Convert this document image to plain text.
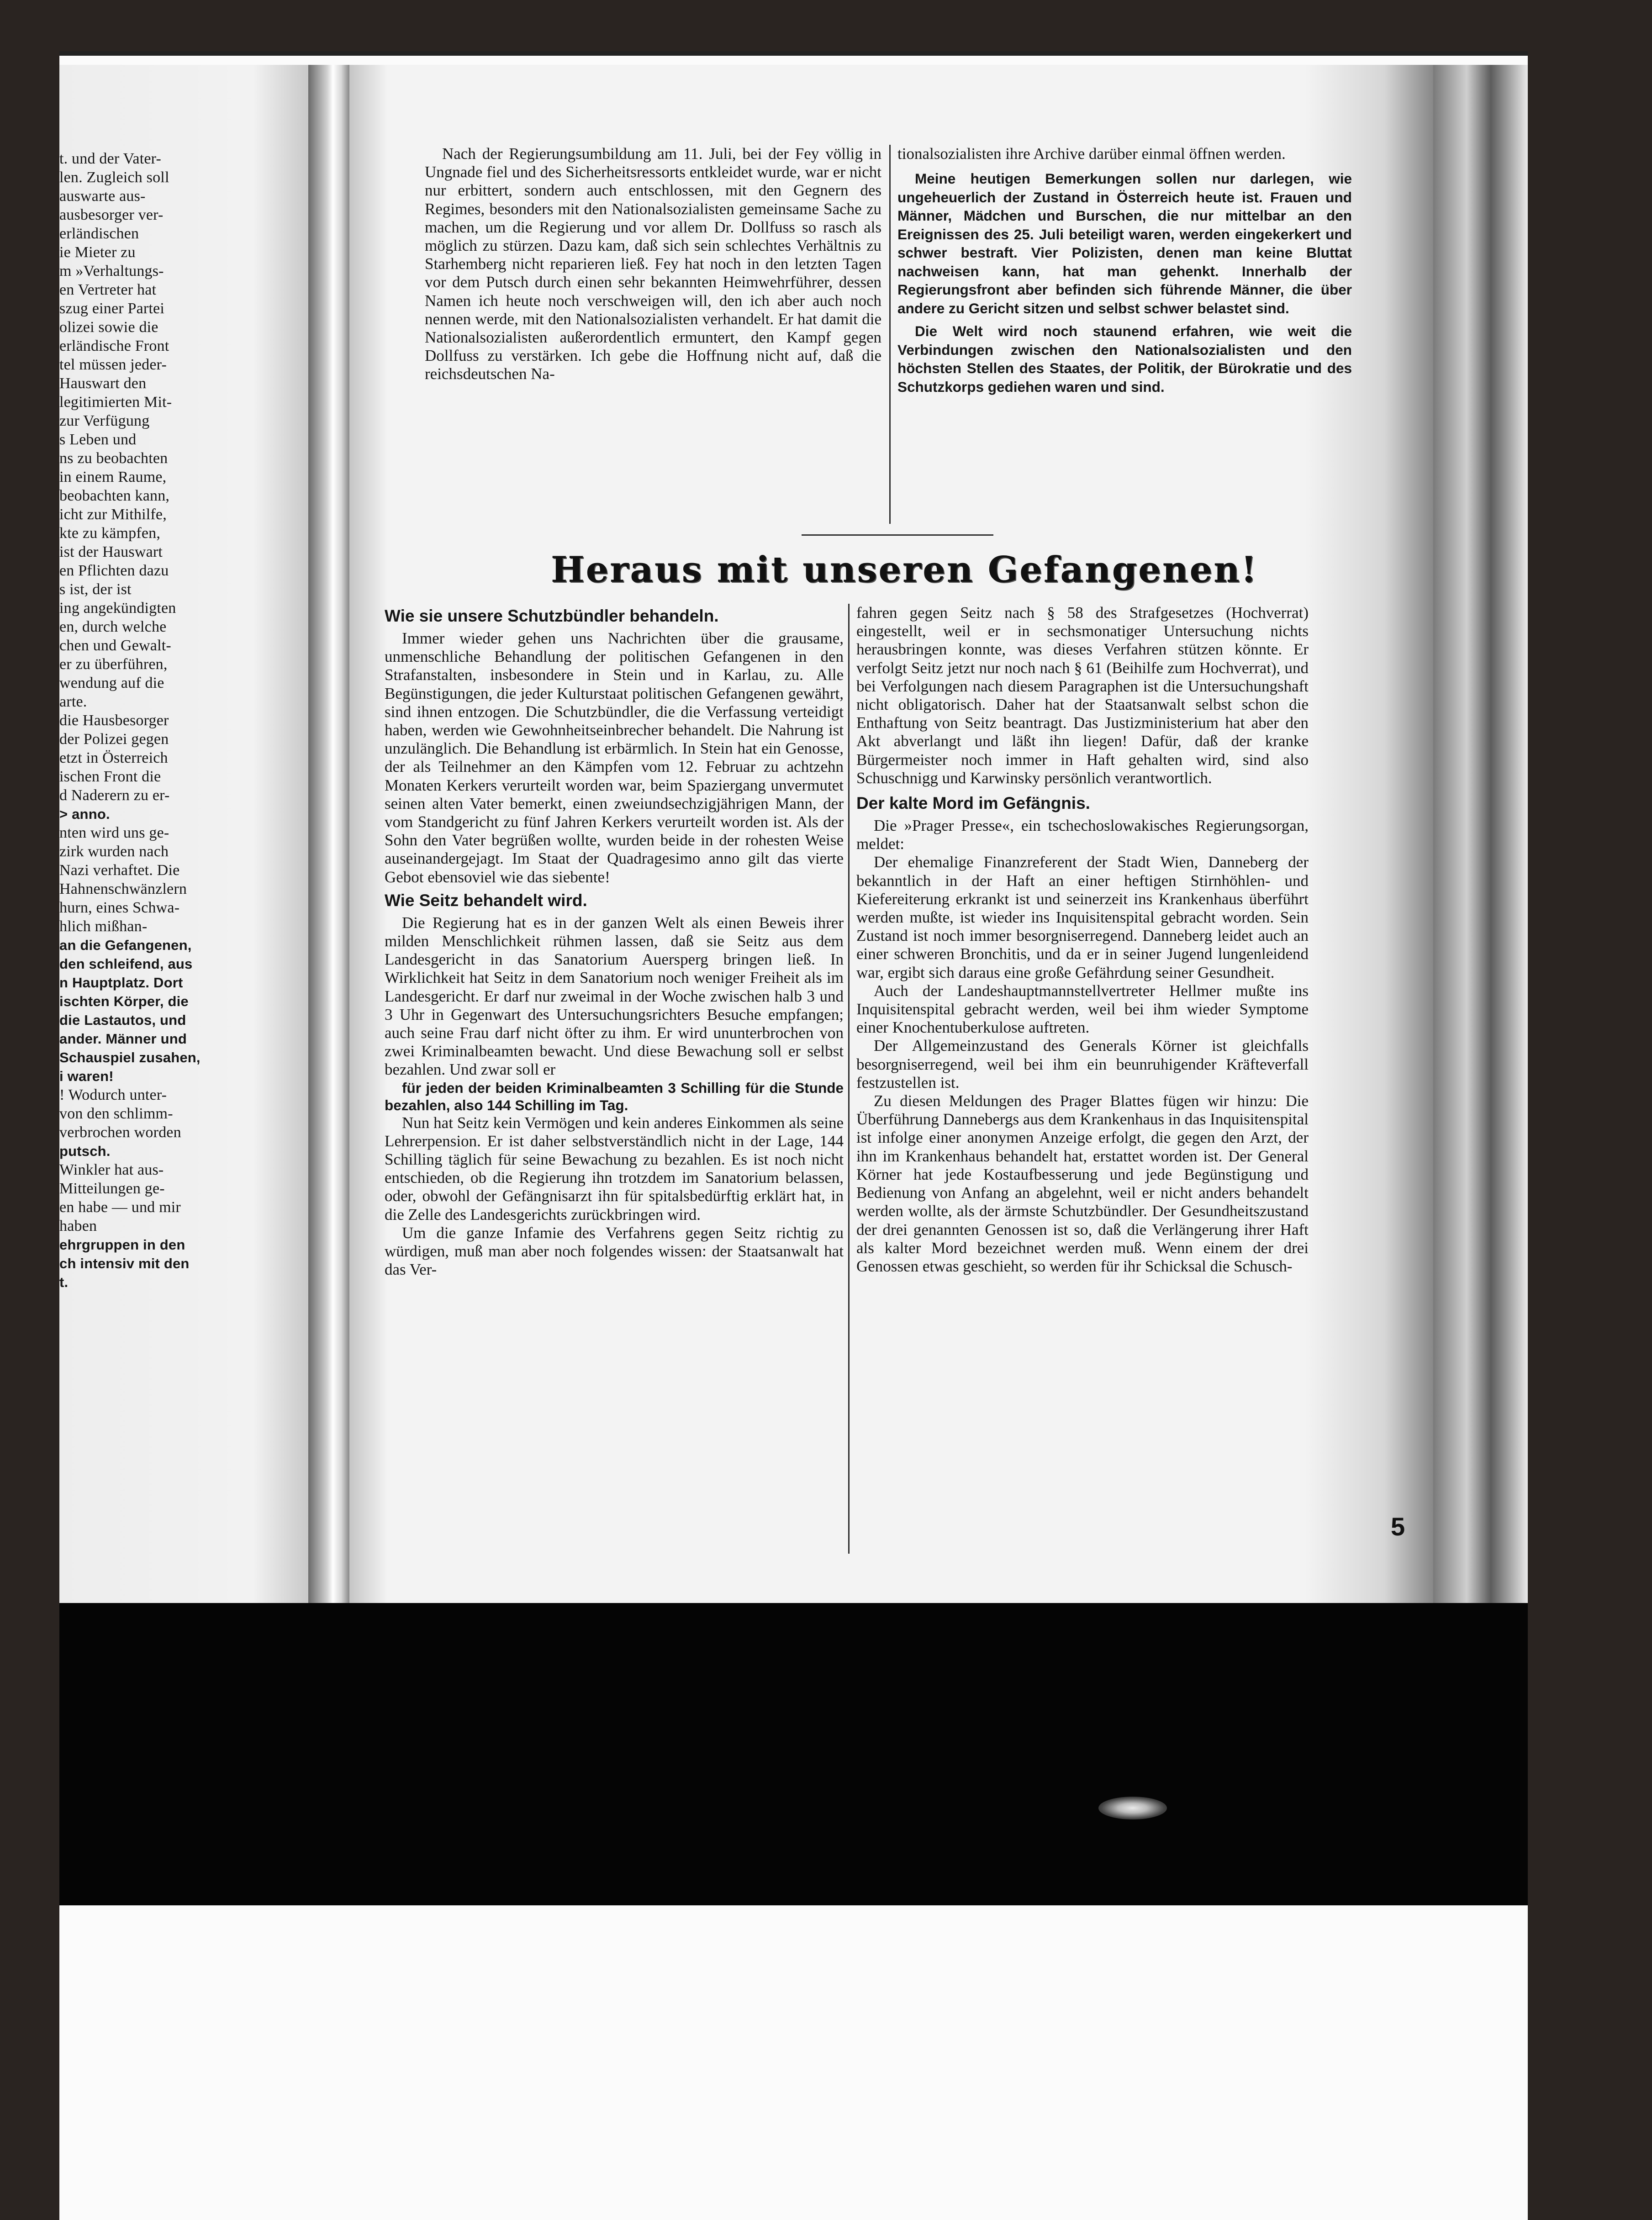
t. und der Vater-
len. Zugleich soll
auswarte aus-
ausbesorger ver-
erländischen
ie Mieter zu
m »Verhaltungs-
en Vertreter hat
szug einer Partei
olizei sowie die
erländische Front
tel müssen jeder-
Hauswart den
legitimierten Mit-
zur Verfügung
s Leben und
ns zu beobachten
in einem Raume,
beobachten kann,
icht zur Mithilfe,
kte zu kämpfen,
ist der Hauswart
en Pflichten dazu
s ist, der ist
ing angekündigten
en, durch welche
chen und Gewalt-
er zu überführen,
wendung auf die
arte.
die Hausbesorger
der Polizei gegen
etzt in Österreich
ischen Front die
d Naderern zu er-
> anno.
nten wird uns ge-
zirk wurden nach
Nazi verhaftet. Die
Hahnenschwänzlern
hurn, eines Schwa-
hlich mißhan-
an die Gefangenen,
den schleifend, aus
n Hauptplatz. Dort
ischten Körper, die
die Lastautos, und
ander. Männer und
Schauspiel zusahen,
i waren!
! Wodurch unter-
von den schlimm-
verbrochen worden
putsch.
Winkler hat aus-
Mitteilungen ge-
en habe — und mir
haben
ehrgruppen in den
ch intensiv mit den
t.

Nach der Regierungsumbildung am 11. Juli, bei der Fey völlig in Ungnade fiel und des Sicherheitsressorts entkleidet wurde, war er nicht nur erbittert, sondern auch entschlossen, mit den Gegnern des Regimes, besonders mit den Nationalsozialisten gemeinsame Sache zu machen, um die Regierung und vor allem Dr. Dollfuss so rasch als möglich zu stürzen. Dazu kam, daß sich sein schlechtes Verhältnis zu Starhemberg nicht reparieren ließ. Fey hat noch in den letzten Tagen vor dem Putsch durch einen sehr bekannten Heimwehrführer, dessen Namen ich heute noch verschweigen will, den ich aber auch noch nennen werde, mit den Nationalsozialisten verhandelt. Er hat damit die Nationalsozialisten außerordentlich ermuntert, den Kampf gegen Dollfuss zu verstärken. Ich gebe die Hoffnung nicht auf, daß die reichsdeutschen Na-

tionalsozialisten ihre Archive darüber einmal öffnen werden.

Meine heutigen Bemerkungen sollen nur darlegen, wie ungeheuerlich der Zustand in Österreich heute ist. Frauen und Männer, Mädchen und Burschen, die nur mittelbar an den Ereignissen des 25. Juli beteiligt waren, werden eingekerkert und schwer bestraft. Vier Polizisten, denen man keine Bluttat nachweisen kann, hat man gehenkt. Innerhalb der Regierungsfront aber befinden sich führende Männer, die über andere zu Gericht sitzen und selbst schwer belastet sind.

Die Welt wird noch staunend erfahren, wie weit die Verbindungen zwischen den Nationalsozialisten und den höchsten Stellen des Staates, der Politik, der Bürokratie und des Schutzkorps gediehen waren und sind.

Heraus mit unseren Gefangenen!
Wie sie unsere Schutzbündler behandeln.

Immer wieder gehen uns Nachrichten über die grausame, unmenschliche Behandlung der politischen Gefangenen in den Strafanstalten, insbesondere in Stein und in Karlau, zu. Alle Begünstigungen, die jeder Kulturstaat politischen Gefangenen gewährt, sind ihnen entzogen. Die Schutzbündler, die die Verfassung verteidigt haben, werden wie Gewohnheitseinbrecher behandelt. Die Nahrung ist unzulänglich. Die Behandlung ist erbärmlich. In Stein hat ein Genosse, der als Teilnehmer an den Kämpfen vom 12. Februar zu achtzehn Monaten Kerkers verurteilt worden war, beim Spaziergang unvermutet seinen alten Vater bemerkt, einen zweiundsechzigjährigen Mann, der vom Standgericht zu fünf Jahren Kerkers verurteilt worden ist. Als der Sohn den Vater begrüßen wollte, wurden beide in der rohesten Weise auseinandergejagt. Im Staat der Quadragesimo anno gilt das vierte Gebot ebensoviel wie das siebente!

Wie Seitz behandelt wird.

Die Regierung hat es in der ganzen Welt als einen Beweis ihrer milden Menschlichkeit rühmen lassen, daß sie Seitz aus dem Landesgericht in das Sanatorium Auersperg bringen ließ. In Wirklichkeit hat Seitz in dem Sanatorium noch weniger Freiheit als im Landesgericht. Er darf nur zweimal in der Woche zwischen halb 3 und 3 Uhr in Gegenwart des Untersuchungsrichters Besuche empfangen; auch seine Frau darf nicht öfter zu ihm. Er wird ununterbrochen von zwei Kriminalbeamten bewacht. Und diese Bewachung soll er selbst bezahlen. Und zwar soll er

für jeden der beiden Kriminalbeamten 3 Schilling für die Stunde bezahlen, also 144 Schilling im Tag.

Nun hat Seitz kein Vermögen und kein anderes Einkommen als seine Lehrerpension. Er ist daher selbstverständlich nicht in der Lage, 144 Schilling täglich für seine Bewachung zu bezahlen. Es ist noch nicht entschieden, ob die Regierung ihn trotzdem im Sanatorium belassen, oder, obwohl der Gefängnisarzt ihn für spitalsbedürftig erklärt hat, in die Zelle des Landesgerichts zurückbringen wird.

Um die ganze Infamie des Verfahrens gegen Seitz richtig zu würdigen, muß man aber noch folgendes wissen: der Staatsanwalt hat das Ver-

fahren gegen Seitz nach § 58 des Strafgesetzes (Hochverrat) eingestellt, weil er in sechsmonatiger Untersuchung nichts herausbringen konnte, was dieses Verfahren stützen könnte. Er verfolgt Seitz jetzt nur noch nach § 61 (Beihilfe zum Hochverrat), und bei Verfolgungen nach diesem Paragraphen ist die Untersuchungshaft nicht obligatorisch. Daher hat der Staatsanwalt selbst schon die Enthaftung von Seitz beantragt. Das Justizministerium hat aber den Akt abverlangt und läßt ihn liegen! Dafür, daß der kranke Bürgermeister noch immer in Haft gehalten wird, sind also Schuschnigg und Karwinsky persönlich verantwortlich.

Der kalte Mord im Gefängnis.

Die »Prager Presse«, ein tschechoslowakisches Regierungsorgan, meldet:

Der ehemalige Finanzreferent der Stadt Wien, Danneberg der bekanntlich in der Haft an einer heftigen Stirnhöhlen- und Kiefereiterung erkrankt ist und seinerzeit ins Krankenhaus überführt werden mußte, ist wieder ins Inquisitenspital gebracht worden. Sein Zustand ist noch immer besorgniserregend. Danneberg leidet auch an einer schweren Bronchitis, und da er in seiner Jugend lungenleidend war, ergibt sich daraus eine große Gefährdung seiner Gesundheit.

Auch der Landeshauptmannstellvertreter Hellmer mußte ins Inquisitenspital gebracht werden, weil bei ihm wieder Symptome einer Knochentuberkulose auftreten.

Der Allgemeinzustand des Generals Körner ist gleichfalls besorgniserregend, weil bei ihm ein beunruhigender Kräfteverfall festzustellen ist.

Zu diesen Meldungen des Prager Blattes fügen wir hinzu: Die Überführung Dannebergs aus dem Krankenhaus in das Inquisitenspital ist infolge einer anonymen Anzeige erfolgt, die gegen den Arzt, der ihn im Krankenhaus behandelt hat, erstattet worden ist. Der General Körner hat jede Kostaufbesserung und jede Begünstigung und Bedienung von Anfang an abgelehnt, weil er nicht anders behandelt werden wollte, als der ärmste Schutzbündler. Der Gesundheitszustand der drei genannten Genossen ist so, daß die Verlängerung ihrer Haft als kalter Mord bezeichnet werden muß. Wenn einem der drei Genossen etwas geschieht, so werden für ihr Schicksal die Schusch-

5
